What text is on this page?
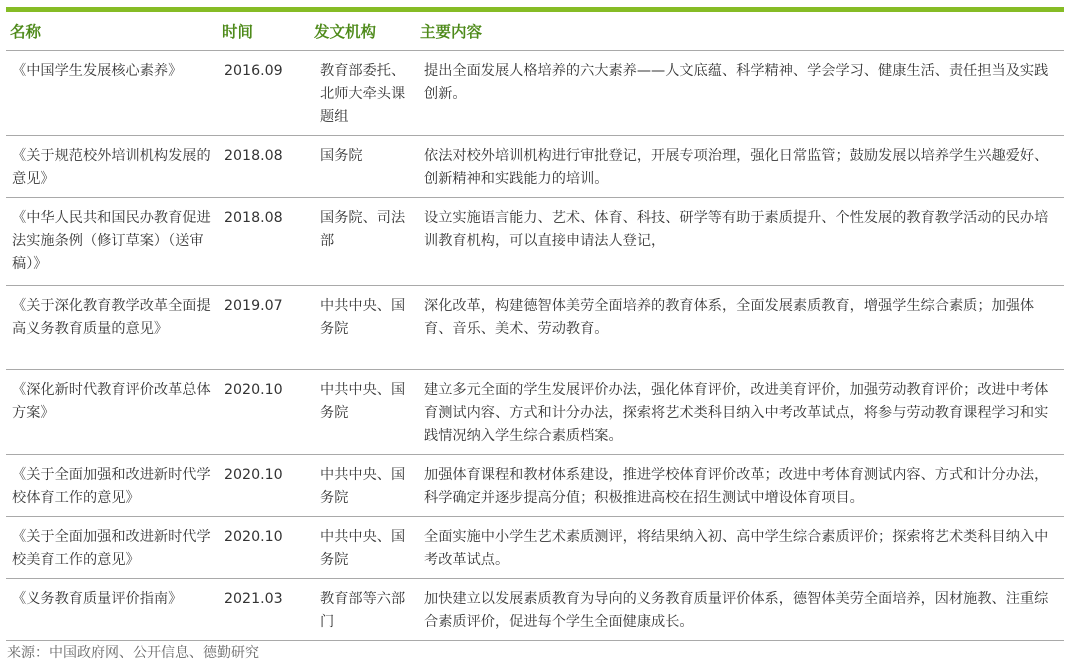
名称	时间	发文机构	主要内容
《中国学生发展核心素养》	2016.09	教育部委托、北师大牵头课题组	提出全面发展人格培养的六大素养——人文底蕴、科学精神、学会学习、健康生活、责任担当及实践创新。
《关于规范校外培训机构发展的意见》	2018.08	国务院	依法对校外培训机构进行审批登记，开展专项治理，强化日常监管；鼓励发展以培养学生兴趣爱好、创新精神和实践能力的培训。
《中华人民共和国民办教育促进法实施条例（修订草案）（送审稿）》	2018.08	国务院、司法部	设立实施语言能力、艺术、体育、科技、研学等有助于素质提升、个性发展的教育教学活动的民办培训教育机构，可以直接申请法人登记，
《关于深化教育教学改革全面提高义务教育质量的意见》	2019.07	中共中央、国务院	深化改革，构建德智体美劳全面培养的教育体系，全面发展素质教育，增强学生综合素质；加强体育、音乐、美术、劳动教育。
《深化新时代教育评价改革总体方案》	2020.10	中共中央、国务院	建立多元全面的学生发展评价办法，强化体育评价，改进美育评价，加强劳动教育评价；改进中考体育测试内容、方式和计分办法，探索将艺术类科目纳入中考改革试点，将参与劳动教育课程学习和实践情况纳入学生综合素质档案。
《关于全面加强和改进新时代学校体育工作的意见》	2020.10	中共中央、国务院	加强体育课程和教材体系建设，推进学校体育评价改革；改进中考体育测试内容、方式和计分办法，科学确定并逐步提高分值；积极推进高校在招生测试中增设体育项目。
《关于全面加强和改进新时代学校美育工作的意见》	2020.10	中共中央、国务院	全面实施中小学生艺术素质测评，将结果纳入初、高中学生综合素质评价；探索将艺术类科目纳入中考改革试点。
《义务教育质量评价指南》	2021.03	教育部等六部门	加快建立以发展素质教育为导向的义务教育质量评价体系，德智体美劳全面培养，因材施教、注重综合素质评价，促进每个学生全面健康成长。
来源：中国政府网、公开信息、德勤研究
